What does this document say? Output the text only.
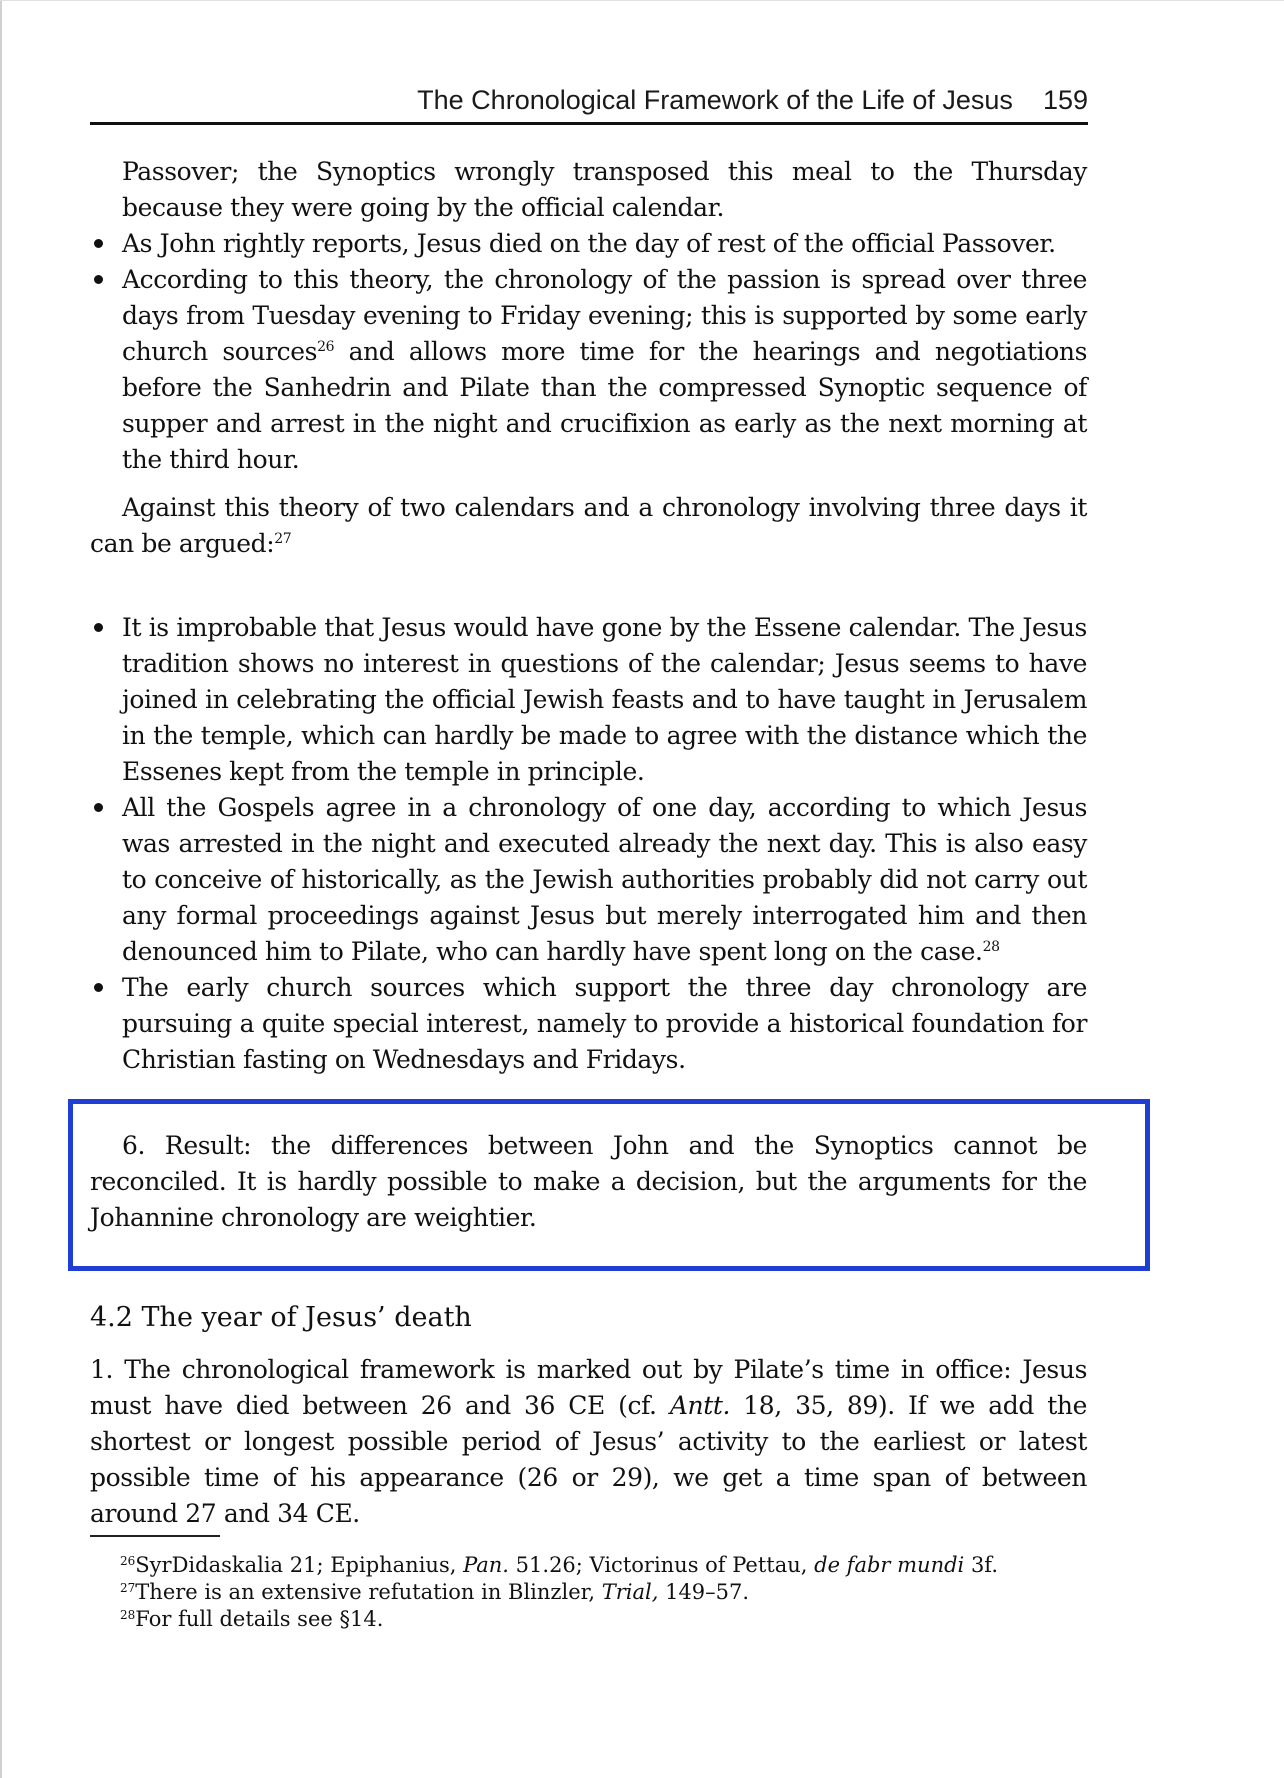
The Chronological Framework of the Life of Jesus 159
Passover; the Synoptics wrongly transposed this meal to the Thursday because they were going by the official calendar.
As John rightly reports, Jesus died on the day of rest of the official Passover.
According to this theory, the chronology of the passion is spread over three days from Tuesday evening to Friday evening; this is supported by some early church sources$^{26}$ and allows more time for the hearings and negotiations before the Sanhedrin and Pilate than the compressed Synoptic sequence of supper and arrest in the night and crucifixion as early as the next morning at the third hour.
Against this theory of two calendars and a chronology involving three days it can be argued:$^{27}$
It is improbable that Jesus would have gone by the Essene calendar. The Jesus tradition shows no interest in questions of the calendar; Jesus seems to have joined in celebrating the official Jewish feasts and to have taught in Jerusalem in the temple, which can hardly be made to agree with the distance which the Essenes kept from the temple in principle.
All the Gospels agree in a chronology of one day, according to which Jesus was arrested in the night and executed already the next day. This is also easy to conceive of historically, as the Jewish authorities probably did not carry out any formal proceedings against Jesus but merely interrogated him and then denounced him to Pilate, who can hardly have spent long on the case.$^{28}$
The early church sources which support the three day chronology are pursuing a quite special interest, namely to provide a historical foundation for Christian fasting on Wednesdays and Fridays.
6. Result: the differences between John and the Synoptics cannot be reconciled. It is hardly possible to make a decision, but the arguments for the Johannine chronology are weightier.
4.2 The year of Jesus’ death
1. The chronological framework is marked out by Pilate’s time in office: Jesus must have died between 26 and 36 CE (cf. Antt. 18, 35, 89). If we add the shortest or longest possible period of Jesus’ activity to the earliest or latest possible time of his appearance (26 or 29), we get a time span of between around 27 and 34 CE.
$^{26}$SyrDidaskalia 21; Epiphanius, Pan. 51.26; Victorinus of Pettau, de fabr mundi 3f.
$^{27}$There is an extensive refutation in Blinzler, Trial, 149–57.
$^{28}$For full details see §14.
